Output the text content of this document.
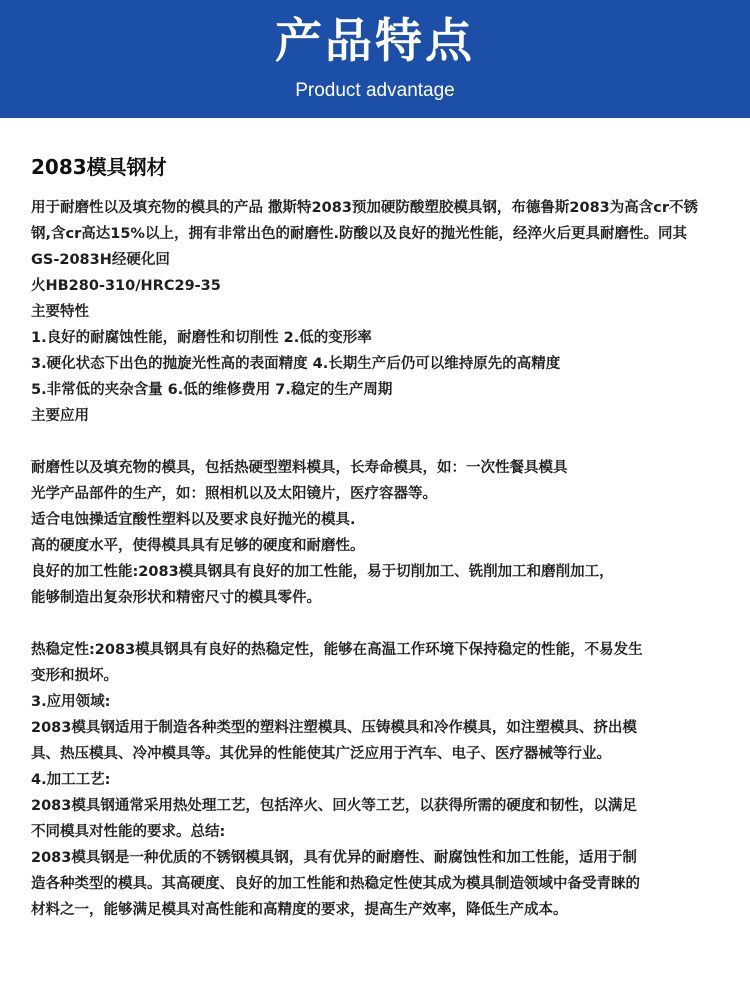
产品特点
Product advantage
2083模具钢材
用于耐磨性以及填充物的模具的产品 撒斯特2083预加硬防酸塑胶模具钢，布德鲁斯2083为高含cr不锈
钢,含cr高达15%以上，拥有非常出色的耐磨性.防酸以及良好的抛光性能，经淬火后更具耐磨性。同其
GS-2083H经硬化回
火HB280-310/HRC29-35
主要特性
1.良好的耐腐蚀性能，耐磨性和切削性 2.低的变形率
3.硬化状态下出色的抛旋光性高的表面精度 4.长期生产后仍可以维持原先的高精度
5.非常低的夹杂含量 6.低的维修费用 7.稳定的生产周期
主要应用
耐磨性以及填充物的模具，包括热硬型塑料模具，长寿命模具，如：一次性餐具模具
光学产品部件的生产，如：照相机以及太阳镜片，医疗容器等。
适合电蚀操适宜酸性塑料以及要求良好抛光的模具.
高的硬度水平，使得模具具有足够的硬度和耐磨性。
良好的加工性能:2083模具钢具有良好的加工性能，易于切削加工、铣削加工和磨削加工，
能够制造出复杂形状和精密尺寸的模具零件。
热稳定性:2083模具钢具有良好的热稳定性，能够在高温工作环境下保持稳定的性能，不易发生
变形和损坏。
3.应用领域:
2083模具钢适用于制造各种类型的塑料注塑模具、压铸模具和冷作模具，如注塑模具、挤出模
具、热压模具、冷冲模具等。其优异的性能使其广泛应用于汽车、电子、医疗器械等行业。
4.加工工艺:
2083模具钢通常采用热处理工艺，包括淬火、回火等工艺，以获得所需的硬度和韧性，以满足
不同模具对性能的要求。总结:
2083模具钢是一种优质的不锈钢模具钢，具有优异的耐磨性、耐腐蚀性和加工性能，适用于制
造各种类型的模具。其高硬度、良好的加工性能和热稳定性使其成为模具制造领域中备受青睐的
材料之一，能够满足模具对高性能和高精度的要求，提高生产效率，降低生产成本。
